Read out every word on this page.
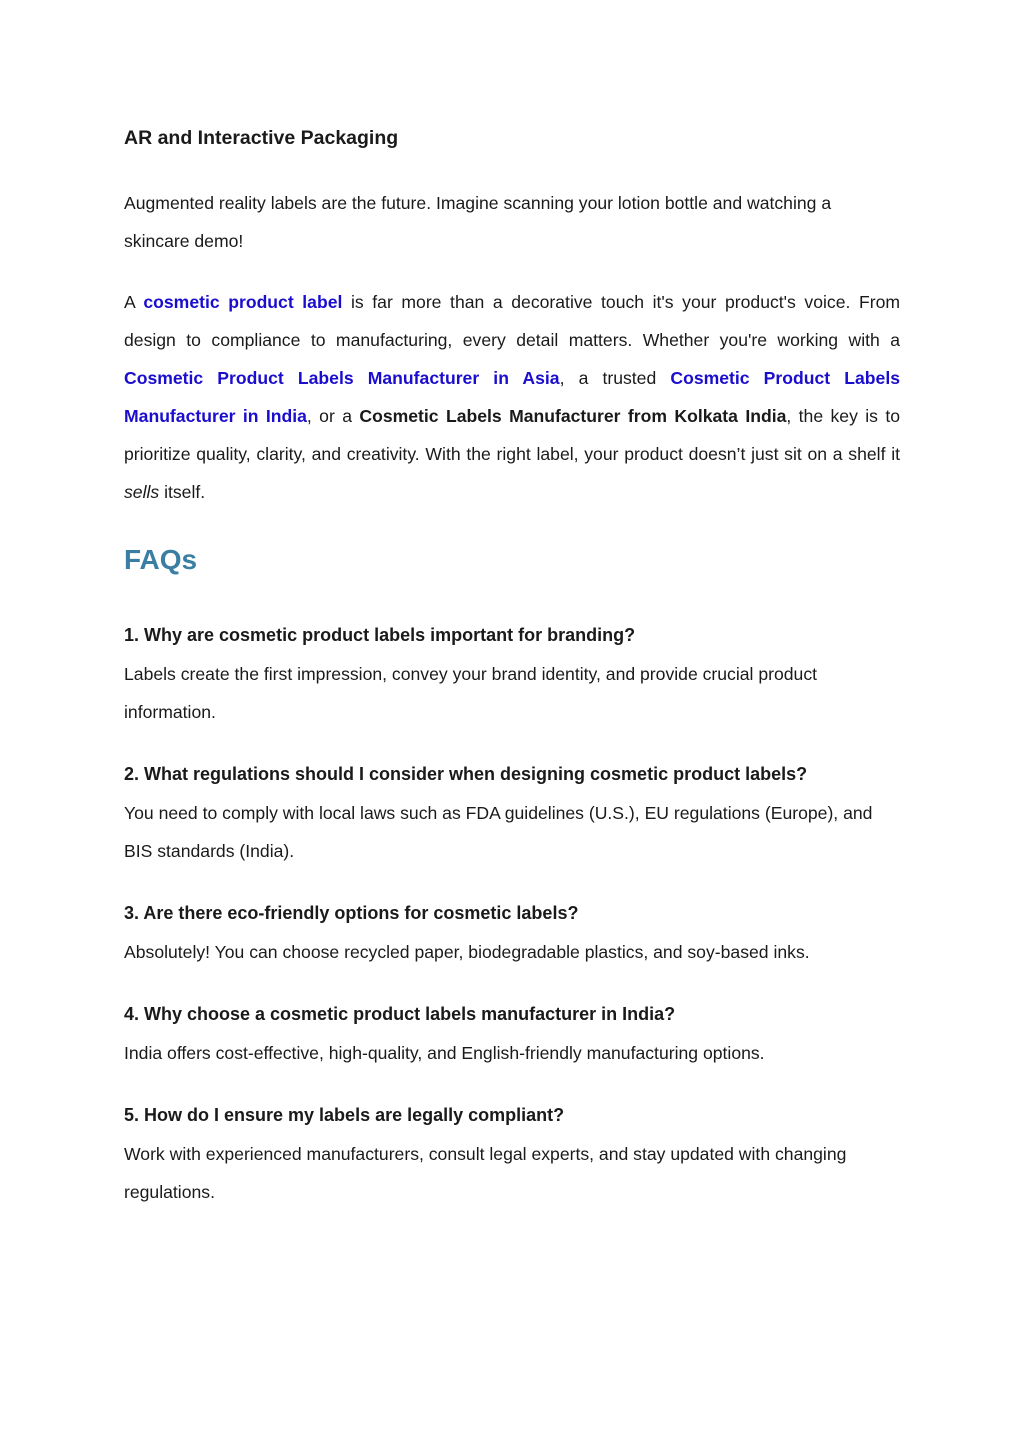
AR and Interactive Packaging

Augmented reality labels are the future. Imagine scanning your lotion bottle and watching a skincare demo!

A cosmetic product label is far more than a decorative touch it's your product's voice. From design to compliance to manufacturing, every detail matters. Whether you're working with a Cosmetic Product Labels Manufacturer in Asia, a trusted Cosmetic Product Labels Manufacturer in India, or a Cosmetic Labels Manufacturer from Kolkata India, the key is to prioritize quality, clarity, and creativity. With the right label, your product doesn’t just sit on a shelf it sells itself.

FAQs
1. Why are cosmetic product labels important for branding?

Labels create the first impression, convey your brand identity, and provide crucial product information.

2. What regulations should I consider when designing cosmetic product labels?

You need to comply with local laws such as FDA guidelines (U.S.), EU regulations (Europe), and BIS standards (India).

3. Are there eco-friendly options for cosmetic labels?

Absolutely! You can choose recycled paper, biodegradable plastics, and soy-based inks.

4. Why choose a cosmetic product labels manufacturer in India?

India offers cost-effective, high-quality, and English-friendly manufacturing options.

5. How do I ensure my labels are legally compliant?

Work with experienced manufacturers, consult legal experts, and stay updated with changing regulations.
